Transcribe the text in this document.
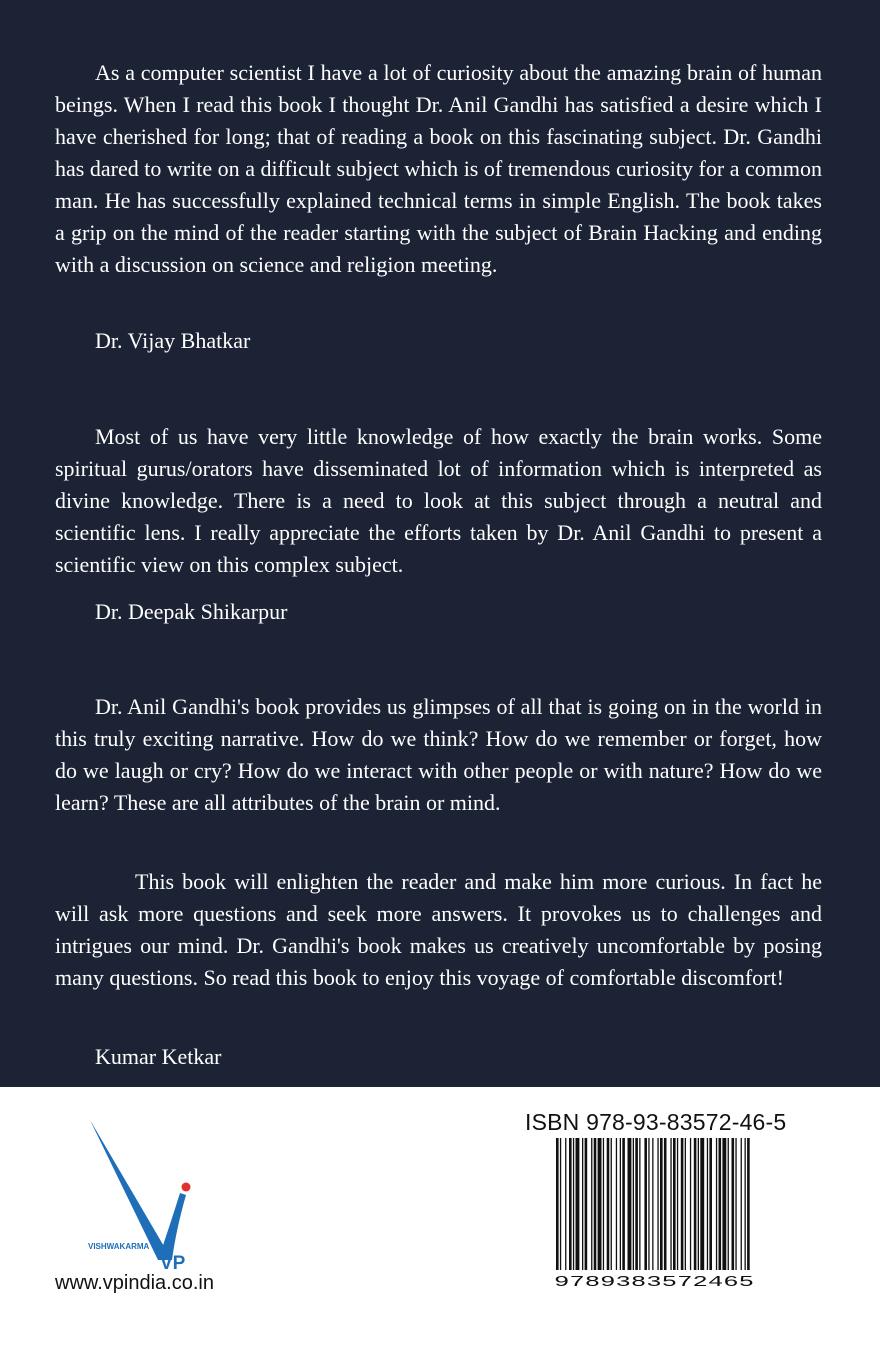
As a computer scientist I have a lot of curiosity about the amazing brain of human beings. When I read this book I thought Dr. Anil Gandhi has satisfied a desire which I have cherished for long; that of reading a book on this fascinating subject. Dr. Gandhi has dared to write on a difficult subject which is of tremendous curiosity for a common man. He has successfully explained technical terms in simple English. The book takes a grip on the mind of the reader starting with the subject of Brain Hacking and ending with a discussion on science and religion meeting.

Dr. Vijay Bhatkar

Most of us have very little knowledge of how exactly the brain works. Some spiritual gurus/orators have disseminated lot of information which is interpreted as divine knowledge. There is a need to look at this subject through a neutral and scientific lens. I really appreciate the efforts taken by Dr. Anil Gandhi to present a scientific view on this complex subject.

Dr. Deepak Shikarpur

Dr. Anil Gandhi's book provides us glimpses of all that is going on in the world in this truly exciting narrative. How do we think? How do we remember or forget, how do we laugh or cry? How do we interact with other people or with nature? How do we learn? These are all attributes of the brain or mind.

This book will enlighten the reader and make him more curious. In fact he will ask more questions and seek more answers. It provokes us to challenges and intrigues our mind. Dr. Gandhi's book makes us creatively uncomfortable by posing many questions. So read this book to enjoy this voyage of comfortable discomfort!

Kumar Ketkar

VISHWAKARMA
VP
www.vpindia.co.in
ISBN 978-93-83572-46-5
9789383572465
